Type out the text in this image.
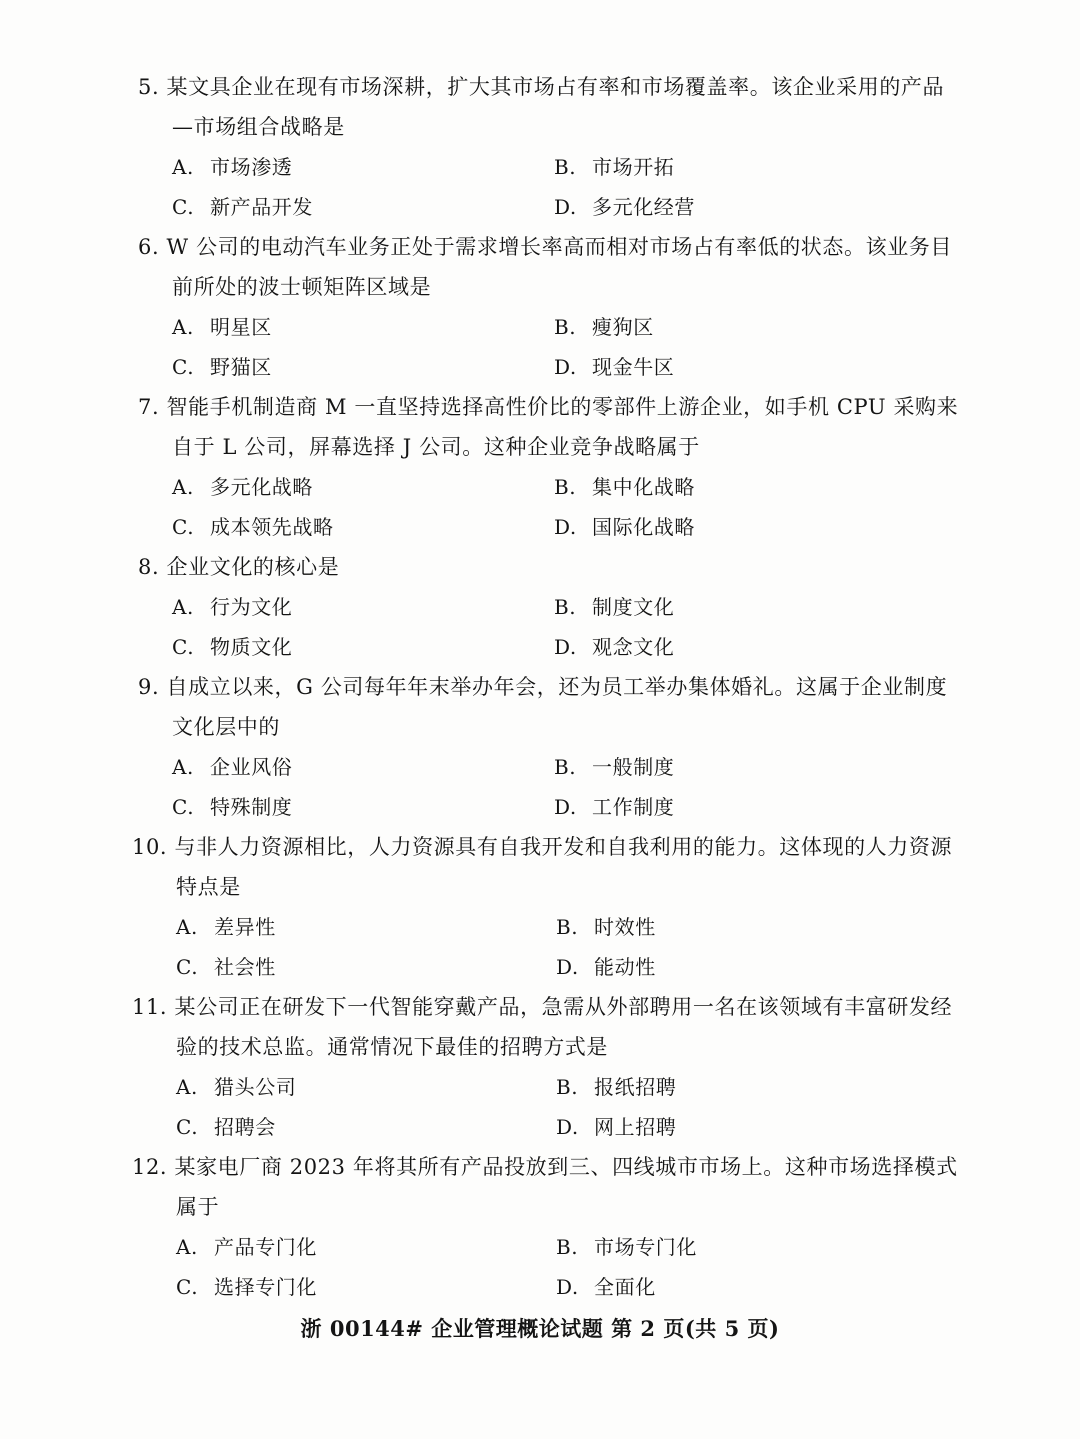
5. 某文具企业在现有市场深耕，扩大其市场占有率和市场覆盖率。该企业采用的产品
—市场组合战略是
A. 市场渗透	B. 市场开拓
C. 新产品开发	D. 多元化经营
6. W 公司的电动汽车业务正处于需求增长率高而相对市场占有率低的状态。该业务目
前所处的波士顿矩阵区域是
A. 明星区	B. 瘦狗区
C. 野猫区	D. 现金牛区
7. 智能手机制造商 M 一直坚持选择高性价比的零部件上游企业，如手机 CPU 采购来
自于 L 公司，屏幕选择 J 公司。这种企业竞争战略属于
A. 多元化战略	B. 集中化战略
C. 成本领先战略	D. 国际化战略
8. 企业文化的核心是
A. 行为文化	B. 制度文化
C. 物质文化	D. 观念文化
9. 自成立以来，G 公司每年年末举办年会，还为员工举办集体婚礼。这属于企业制度
文化层中的
A. 企业风俗	B. 一般制度
C. 特殊制度	D. 工作制度
10. 与非人力资源相比，人力资源具有自我开发和自我利用的能力。这体现的人力资源
特点是
A. 差异性	B. 时效性
C. 社会性	D. 能动性
11. 某公司正在研发下一代智能穿戴产品，急需从外部聘用一名在该领域有丰富研发经
验的技术总监。通常情况下最佳的招聘方式是
A. 猎头公司	B. 报纸招聘
C. 招聘会	D. 网上招聘
12. 某家电厂商 2023 年将其所有产品投放到三、四线城市市场上。这种市场选择模式
属于
A. 产品专门化	B. 市场专门化
C. 选择专门化	D. 全面化
浙 00144# 企业管理概论试题 第 2 页(共 5 页)
